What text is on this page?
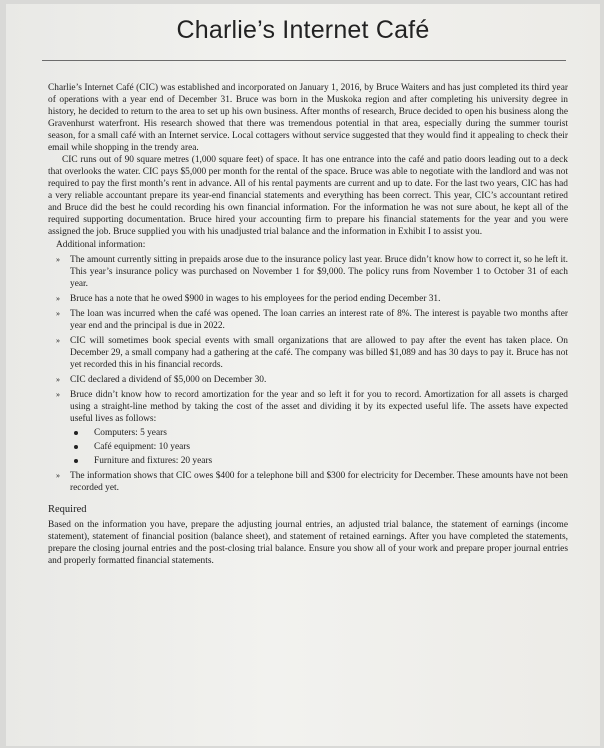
Charlie’s Internet Café

Charlie’s Internet Café (CIC) was established and incorporated on January 1, 2016, by Bruce Waiters and has just completed its third year of operations with a year end of December 31. Bruce was born in the Muskoka region and after completing his university degree in history, he decided to return to the area to set up his own business. After months of research, Bruce decided to open his business along the Gravenhurst waterfront. His research showed that there was tremendous potential in that area, especially during the summer tourist season, for a small café with an Internet service. Local cottagers without service suggested that they would find it appealing to check their email while shopping in the trendy area.

CIC runs out of 90 square metres (1,000 square feet) of space. It has one entrance into the café and patio doors leading out to a deck that overlooks the water. CIC pays $5,000 per month for the rental of the space. Bruce was able to negotiate with the landlord and was not required to pay the first month’s rent in advance. All of his rental payments are current and up to date. For the last two years, CIC has had a very reliable accountant prepare its year-end financial statements and everything has been correct. This year, CIC’s accountant retired and Bruce did the best he could recording his own financial information. For the information he was not sure about, he kept all of the required supporting documentation. Bruce hired your accounting firm to prepare his financial statements for the year and you were assigned the job. Bruce supplied you with his unadjusted trial balance and the information in Exhibit I to assist you.

Additional information:

» The amount currently sitting in prepaids arose due to the insurance policy last year. Bruce didn’t know how to correct it, so he left it. This year’s insurance policy was purchased on November 1 for $9,000. The policy runs from November 1 to October 31 of each year.
» Bruce has a note that he owed $900 in wages to his employees for the period ending December 31.
» The loan was incurred when the café was opened. The loan carries an interest rate of 8%. The interest is payable two months after year end and the principal is due in 2022.
» CIC will sometimes book special events with small organizations that are allowed to pay after the event has taken place. On December 29, a small company had a gathering at the café. The company was billed $1,089 and has 30 days to pay it. Bruce has not yet recorded this in his financial records.
» CIC declared a dividend of $5,000 on December 30.
» Bruce didn’t know how to record amortization for the year and so left it for you to record. Amortization for all assets is charged using a straight-line method by taking the cost of the asset and dividing it by its expected useful life. The assets have expected useful lives as follows:
Computers: 5 years
Café equipment: 10 years
Furniture and fixtures: 20 years
» The information shows that CIC owes $400 for a telephone bill and $300 for electricity for December. These amounts have not been recorded yet.

Required

Based on the information you have, prepare the adjusting journal entries, an adjusted trial balance, the statement of earnings (income statement), statement of financial position (balance sheet), and statement of retained earnings. After you have completed the statements, prepare the closing journal entries and the post-closing trial balance. Ensure you show all of your work and prepare proper journal entries and properly formatted financial statements.
